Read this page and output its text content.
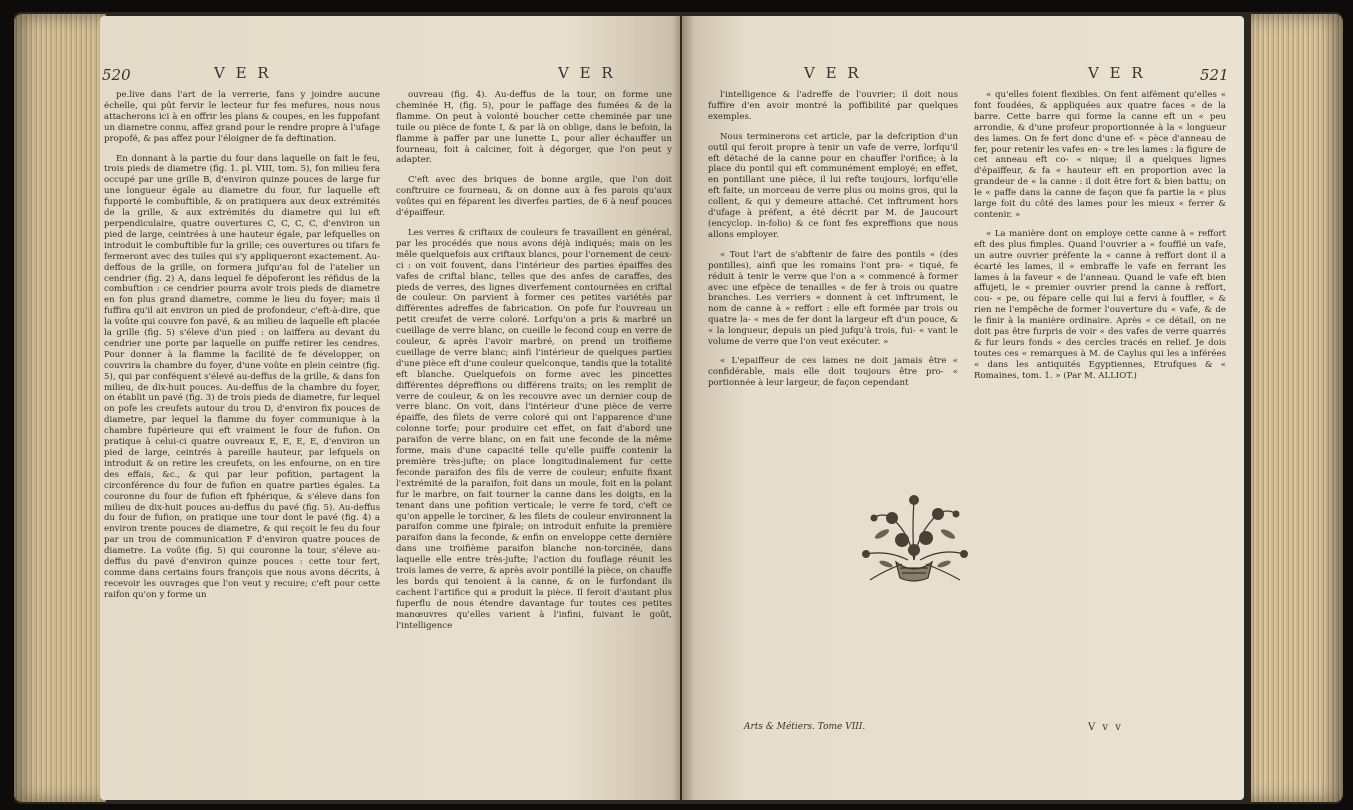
520	V E R	V E R

pe.live dans l'art de la verrerie, fans y joindre aucune échelle, qui pût fervir le lecteur fur fes mefures, nous nous attacherons ici à en offrir les plans & coupes, en les fuppofant un diametre connu, affez grand pour le rendre propre à l'ufage propofé, & pas affez pour l'éloigner de fa deftination.

En donnant à la partie du four dans laquelle on fait le feu, trois pieds de diametre (fig. 1. pl. VIII, tom. 5), fon milieu fera occupé par une grille B, d'environ quinze pouces de large fur une longueur égale au diametre du four, fur laquelle eft fupporté le combuftible, & on pratiquera aux deux extrémités de la grille, & aux extrémités du diametre qui lui eft perpendiculaire, quatre ouvertures C, C, C, C, d'environ un pied de large, ceintrées à une hauteur égale, par lefquelles on introduit le combuftible fur la grille; ces ouvertures ou tifars fe fermeront avec des tuiles qui s'y appliqueront exactement. Au-deffous de la grille, on formera jufqu'au fol de l'atelier un cendrier (fig. 2) A, dans lequel fe dépoferont les réfidus de la combuftion : ce cendrier pourra avoir trois pieds de diametre en fon plus grand diametre, comme le lieu du foyer; mais il fuffira qu'il ait environ un pied de profondeur, c'eft-à-dire, que la voûte qui couvre fon pavé, & au milieu de laquelle eft placée la grille (fig. 5) s'éleve d'un pied : on laiffera au devant du cendrier une porte par laquelle on puiffe retirer les cendres. Pour donner à la flamme la facilité de fe développer, on couvrira la chambre du foyer, d'une voûte en plein ceintre (fig. 5), qui par conféquent s'élevé au-deffus de la grille, & dans fon milieu, de dix-huit pouces. Au-deffus de la chambre du foyer, on établit un pavé (fig. 3) de trois pieds de diametre, fur lequel on pofe les creufets autour du trou D, d'environ fix pouces de diametre, par lequel la flamme du foyer communique à la chambre fupérieure qui eft vraiment le four de fufion. On pratique à celui-ci quatre ouvreaux E, E, E, E, d'environ un pied de large, ceintrés à pareille hauteur, par lefquels on introduit & on retire les creufets, on les enfourne, on en tire des effais, &c., & qui par leur pofition, partagent la circonférence du four de fufion en quatre parties égales. La couronne du four de fufion eft fphérique, & s'éleve dans fon milieu de dix-huit pouces au-deffus du pavé (fig. 5). Au-deffus du four de fufion, on pratique une tour dont le pavé (fig. 4) a environ trente pouces de diametre, & qui reçoit le feu du four par un trou de communication F d'environ quatre pouces de diametre. La voûte (fig. 5) qui couronne la tour, s'éleve au-deffus du pavé d'environ quinze pouces : cette tour fert, comme dans certains fours françois que nous avons décrits, à recevoir les ouvrages que l'on veut y recuire; c'eft pour cette raifon qu'on y forme un

ouvreau (fig. 4). Au-deffus de la tour, on forme une cheminée H, (fig. 5), pour le paffage des fumées & de la flamme. On peut à volonté boucher cette cheminée par une tuile ou pièce de fonte I, & par là on oblige, dans le befoin, la flamme à paffer par une lunette L, pour aller échauffer un fourneau, foit à calciner, foit à dégorger, que l'on peut y adapter.

C'eft avec des briques de bonne argile, que l'on doit conftruire ce fourneau, & on donne aux à fes parois qu'aux voûtes qui en féparent les diverfes parties, de 6 à neuf pouces d'épaiffeur.

Les verres & criftaux de couleurs fe travaillent en général, par les procédés que nous avons déjà indiqués; mais on les mêle quelquefois aux criftaux blancs, pour l'ornement de ceux-ci : on voit fouvent, dans l'intérieur des parties épaiffes des vafes de criftal blanc, telles que des anfes de caraffes, des pieds de verres, des lignes diverfement contournées en criftal de couleur. On parvient à former ces petites variétés par différentes adreffes de fabrication. On pofe fur l'ouvreau un petit creufet de verre coloré. Lorfqu'on a pris & marbré un cueillage de verre blanc, on cueille le fecond coup en verre de couleur, & après l'avoir marbré, on prend un troifieme cueillage de verre blanc; ainfi l'intérieur de quelques parties d'une pièce eft d'une couleur quelconque, tandis que la totalité eft blanche. Quelquefois on forme avec les pincettes différentes dépreffions ou différens traits; on les remplit de verre de couleur, & on les recouvre avec un dernier coup de verre blanc. On voit, dans l'intérieur d'une pièce de verre épaiffe, des filets de verre coloré qui ont l'apparence d'une colonne torfe; pour produire cet effet, on fait d'abord une paraifon de verre blanc, on en fait une feconde de la même forme, mais d'une capacité telle qu'elle puiffe contenir la première très-jufte; on place longitudinalement fur cette feconde paraifon des fils de verre de couleur; enfuite fixant l'extrémité de la paraifon, foit dans un moule, foit en la polant fur le marbre, on fait tourner la canne dans les doigts, en la tenant dans une pofition verticale; le verre fe tord, c'eft ce qu'on appelle le torciner, & les filets de couleur environnent la paraifon comme une fpirale; on introduit enfuite la première paraifon dans la feconde, & enfin on enveloppe cette dernière dans une troifième paraifon blanche non-torcinée, dans laquelle elle entre très-jufte; l'action du fouflage réunit les trois lames de verre, & après avoir pontillé la pièce, on chauffe les bords qui tenoient à la canne, & on le furfondant ils cachent l'artifice qui a produit la pièce. Il feroit d'autant plus fuperflu de nous étendre davantage fur toutes ces petites manœuvres qu'elles varient à l'infini, fuivant le goût, l'intelligence

V E R	V E R	521

l'intelligence & l'adreffe de l'ouvrier; il doit nous fuffire d'en avoir montré la poffibilité par quelques exemples.

Nous terminerons cet article, par la defcription d'un outil qui feroit propre à tenir un vafe de verre, lorfqu'il eft détaché de la canne pour en chauffer l'orifice; à la place du pontil qui eft communément employé; en effet, en pontillant une pièce, il lui refte toujours, lorfqu'elle eft faite, un morceau de verre plus ou moins gros, qui la collent, & qui y demeure attaché. Cet inftrument hors d'ufage à préfent, a été décrit par M. de Jaucourt (encyclop. in-folio) & ce font fes expreffions que nous allons employer.

« Tout l'art de s'abftenir de faire des pontils « (des pontilles), ainfi que les romains l'ont pra- « tiqué, fe réduit à tenir le verre que l'on a « commencé à former avec une efpèce de tenailles « de fer à trois ou quatre branches. Les verriers « donnent à cet inftrument, le nom de canne à « reffort : elle eft formée par trois ou quatre la- « mes de fer dont la largeur eft d'un pouce, & « la longueur, depuis un pied jufqu'à trois, fui- « vant le volume de verre que l'on veut exécuter. »

« L'epaiffeur de ces lames ne doit jamais être « confidérable, mais elle doit toujours être pro- « portionnée à leur largeur, de façon cependant

« qu'elles foient flexibles. On fent aifément qu'elles « font foudées, & appliquées aux quatre faces « de la barre. Cette barre qui forme la canne eft un « peu arrondie, & d'une profeur proportionnée à la « longueur des lames. On fe fert donc d'une ef- « pèce d'anneau de fer, pour retenir les vafes en- « tre les lames : la figure de cet anneau eft co- « nique; il a quelques lignes d'épaiffeur, & fa « hauteur eft en proportion avec la grandeur de « la canne : il doit être fort & bien battu; on le « paffe dans la canne de façon que fa partie la « plus large foit du côté des lames pour les mieux « ferrer & contenir. »

« La manière dont on employe cette canne à « reffort eft des plus fimples. Quand l'ouvrier a « foufflé un vafe, un autre ouvrier préfente la « canne à reffort dont il a écarté les lames, il « embraffe le vafe en ferrant les lames à la faveur « de l'anneau. Quand le vafe eft bien affujeti, le « premier ouvrier prend la canne à reffort, cou- « pe, ou fépare celle qui lui a fervi à fouffler, « & rien ne l'empêche de former l'ouverture du « vafe, & de le finir à la manière ordinaire. Après « ce détail, on ne doit pas être furpris de voir « des vafes de verre quarrés & fur leurs fonds « des cercles tracés en relief. Je dois toutes ces « remarques à M. de Caylus qui les a inférées « dans les antiquités Egyptiennes, Etrufques & « Romaines, tom. 1. » (Par M. ALLIOT.)

Arts & Métiers. Tome VIII.	V v v
